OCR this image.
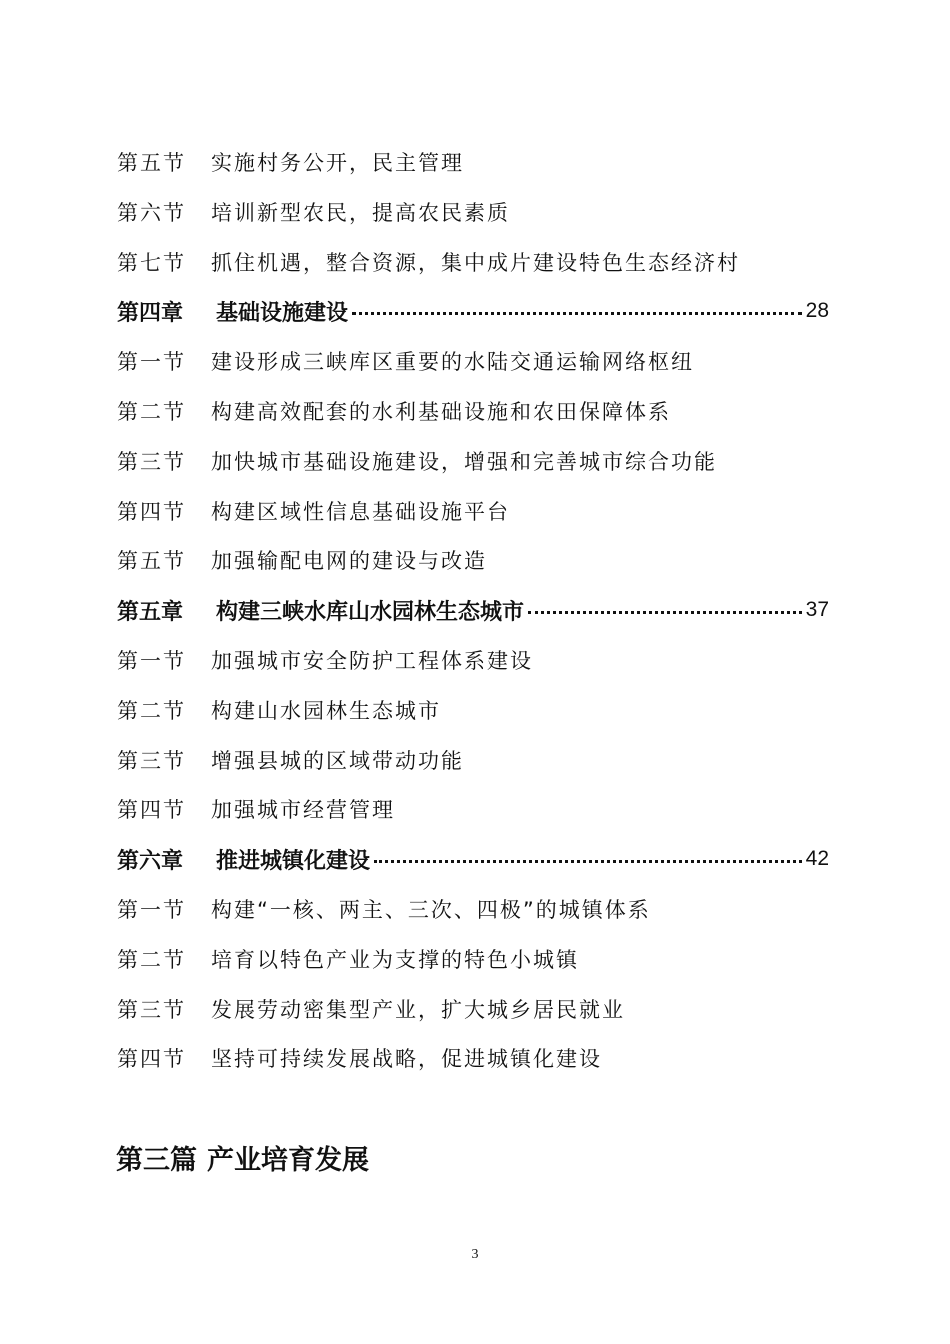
第五节	实施村务公开，民主管理
第六节	培训新型农民，提高农民素质
第七节	抓住机遇，整合资源，集中成片建设特色生态经济村
第四章	基础设施建设	28
第一节	建设形成三峡库区重要的水陆交通运输网络枢纽
第二节	构建高效配套的水利基础设施和农田保障体系
第三节	加快城市基础设施建设，增强和完善城市综合功能
第四节	构建区域性信息基础设施平台
第五节	加强输配电网的建设与改造
第五章	构建三峡水库山水园林生态城市	37
第一节	加强城市安全防护工程体系建设
第二节	构建山水园林生态城市
第三节	增强县城的区域带动功能
第四节	加强城市经营管理
第六章	推进城镇化建设	42
第一节	构建“一核、两主、三次、四极”的城镇体系
第二节	培育以特色产业为支撑的特色小城镇
第三节	发展劳动密集型产业，扩大城乡居民就业
第四节	坚持可持续发展战略，促进城镇化建设
第三篇 产业培育发展
3
